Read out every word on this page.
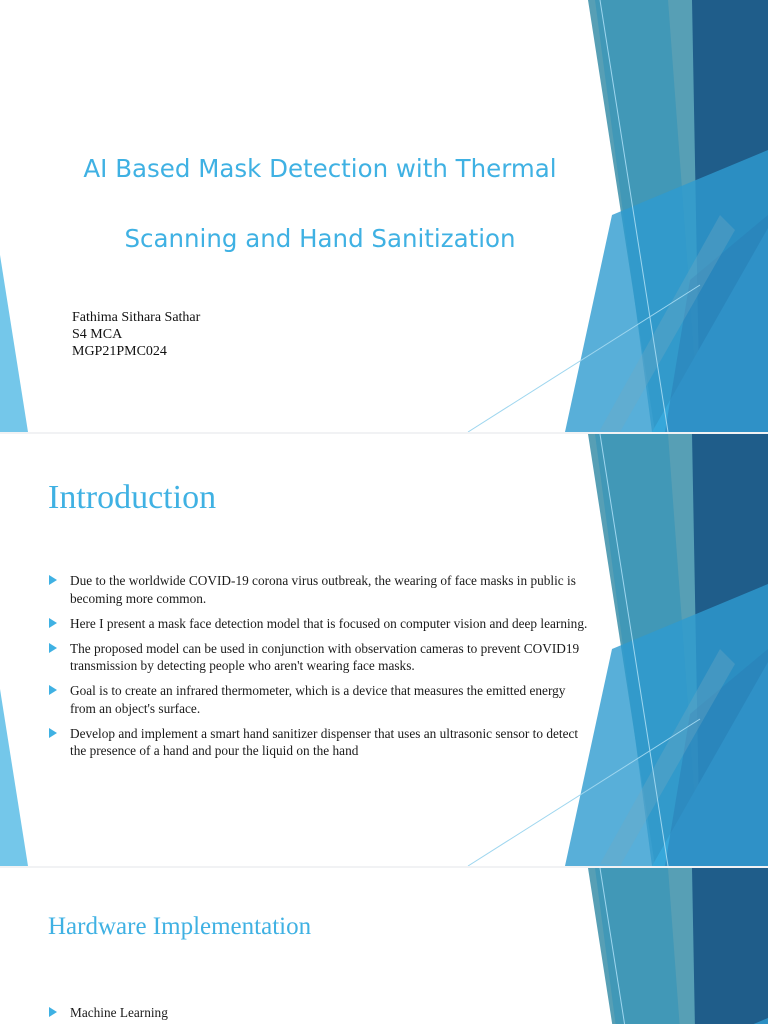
AI Based Mask Detection with Thermal
Scanning and Hand Sanitization
Fathima Sithara Sathar
S4 MCA
MGP21PMC024
Introduction
Due to the worldwide COVID-19 corona virus outbreak, the wearing of face masks in public is becoming more common.
Here I present a mask face detection model that is focused on computer vision and deep learning.
The proposed model can be used in conjunction with observation cameras to prevent COVID19 transmission by detecting people who aren't wearing face masks.
Goal is to create an infrared thermometer, which is a device that measures the emitted energy from an object's surface.
Develop and implement a smart hand sanitizer dispenser that uses an ultrasonic sensor to detect the presence of a hand and pour the liquid on the hand
Hardware Implementation
Machine Learning
